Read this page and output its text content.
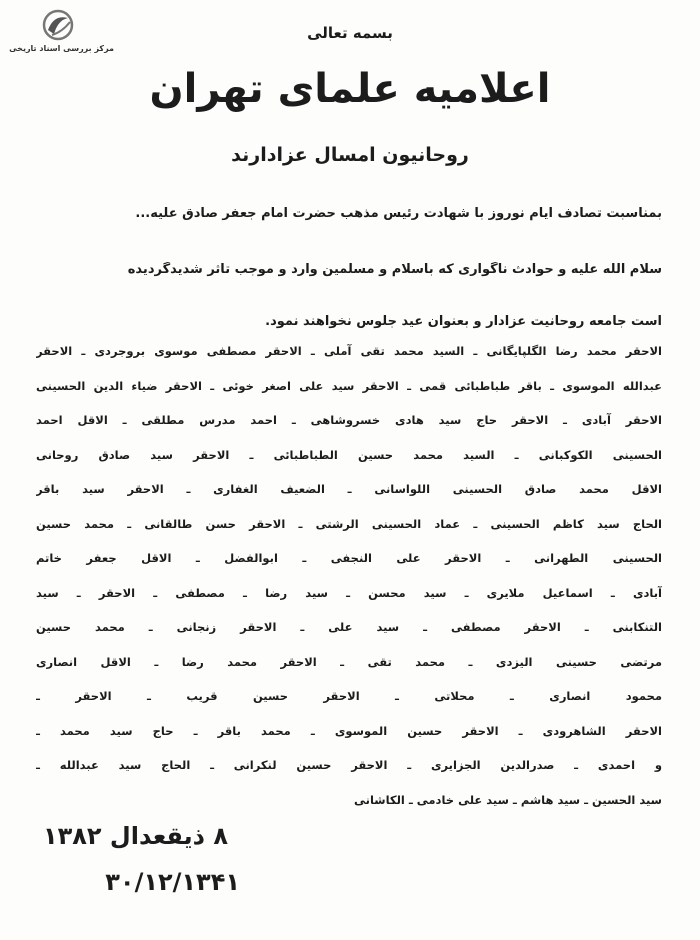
مرکز بررسی اسناد تاریخی
بسمه تعالی
اعلامیه علمای تهران
روحانیون امسال عزادارند
بمناسبت تصادف ایام نوروز با شهادت رئیس مذهب حضرت امام جعفر صادق علیه...
سلام الله علیه و حوادث ناگواری که باسلام و مسلمین وارد و موجب تاثر شدیدگردیده
است جامعه روحانیت عزادار و بعنوان عید جلوس نخواهند نمود.
الاحقر محمد رضا الگلپایگانی ـ السید محمد تقی آملی ـ الاحقر مصطفی موسوی بروجردی ـ الاحقر
عبدالله الموسوی ـ باقر طباطبائی قمی ـ الاحقر سید علی اصغر خوئی ـ الاحقر ضیاء الدین الحسینی
الاحقر آبادی ـ الاحقر حاج سید هادی خسروشاهی ـ احمد مدرس مطلقی ـ الاقل احمد
الحسینی الکوکبانی ـ السید محمد حسین الطباطبائی ـ الاحقر سید صادق روحانی
الاقل محمد صادق الحسینی اللواسانی ـ الضعیف الغفاری ـ الاحقر سید باقر
الحاج سید کاظم الحسینی ـ عماد الحسینی الرشتی ـ الاحقر حسن طالقانی ـ محمد حسین
الحسینی الطهرانی ـ الاحقر علی النجفی ـ ابوالفضل ـ الاقل جعفر خاتم
آبادی ـ اسماعیل ملایری ـ سید محسن ـ سید رضا ـ مصطفی ـ الاحقر ـ سید
التنکابنی ـ الاحقر مصطفی ـ سید علی ـ الاحقر زنجانی ـ محمد حسین
مرتضی حسینی الیزدی ـ محمد تقی ـ الاحقر محمد رضا ـ الاقل انصاری
محمود انصاری ـ محلاتی ـ الاحقر حسین قریب ـ الاحقر ـ
الاحقر الشاهرودی ـ الاحقر حسین الموسوی ـ محمد باقر ـ حاج سید محمد ـ
و احمدی ـ صدرالدین الجزایری ـ الاحقر حسین لنکرانی ـ الحاج سید عبدالله ـ
سید الحسین ـ سید هاشم ـ سید علی خادمی ـ الکاشانی
۸ ذیقعدال ۱۳۸۲
۳۰/۱۲/۱۳۴۱
